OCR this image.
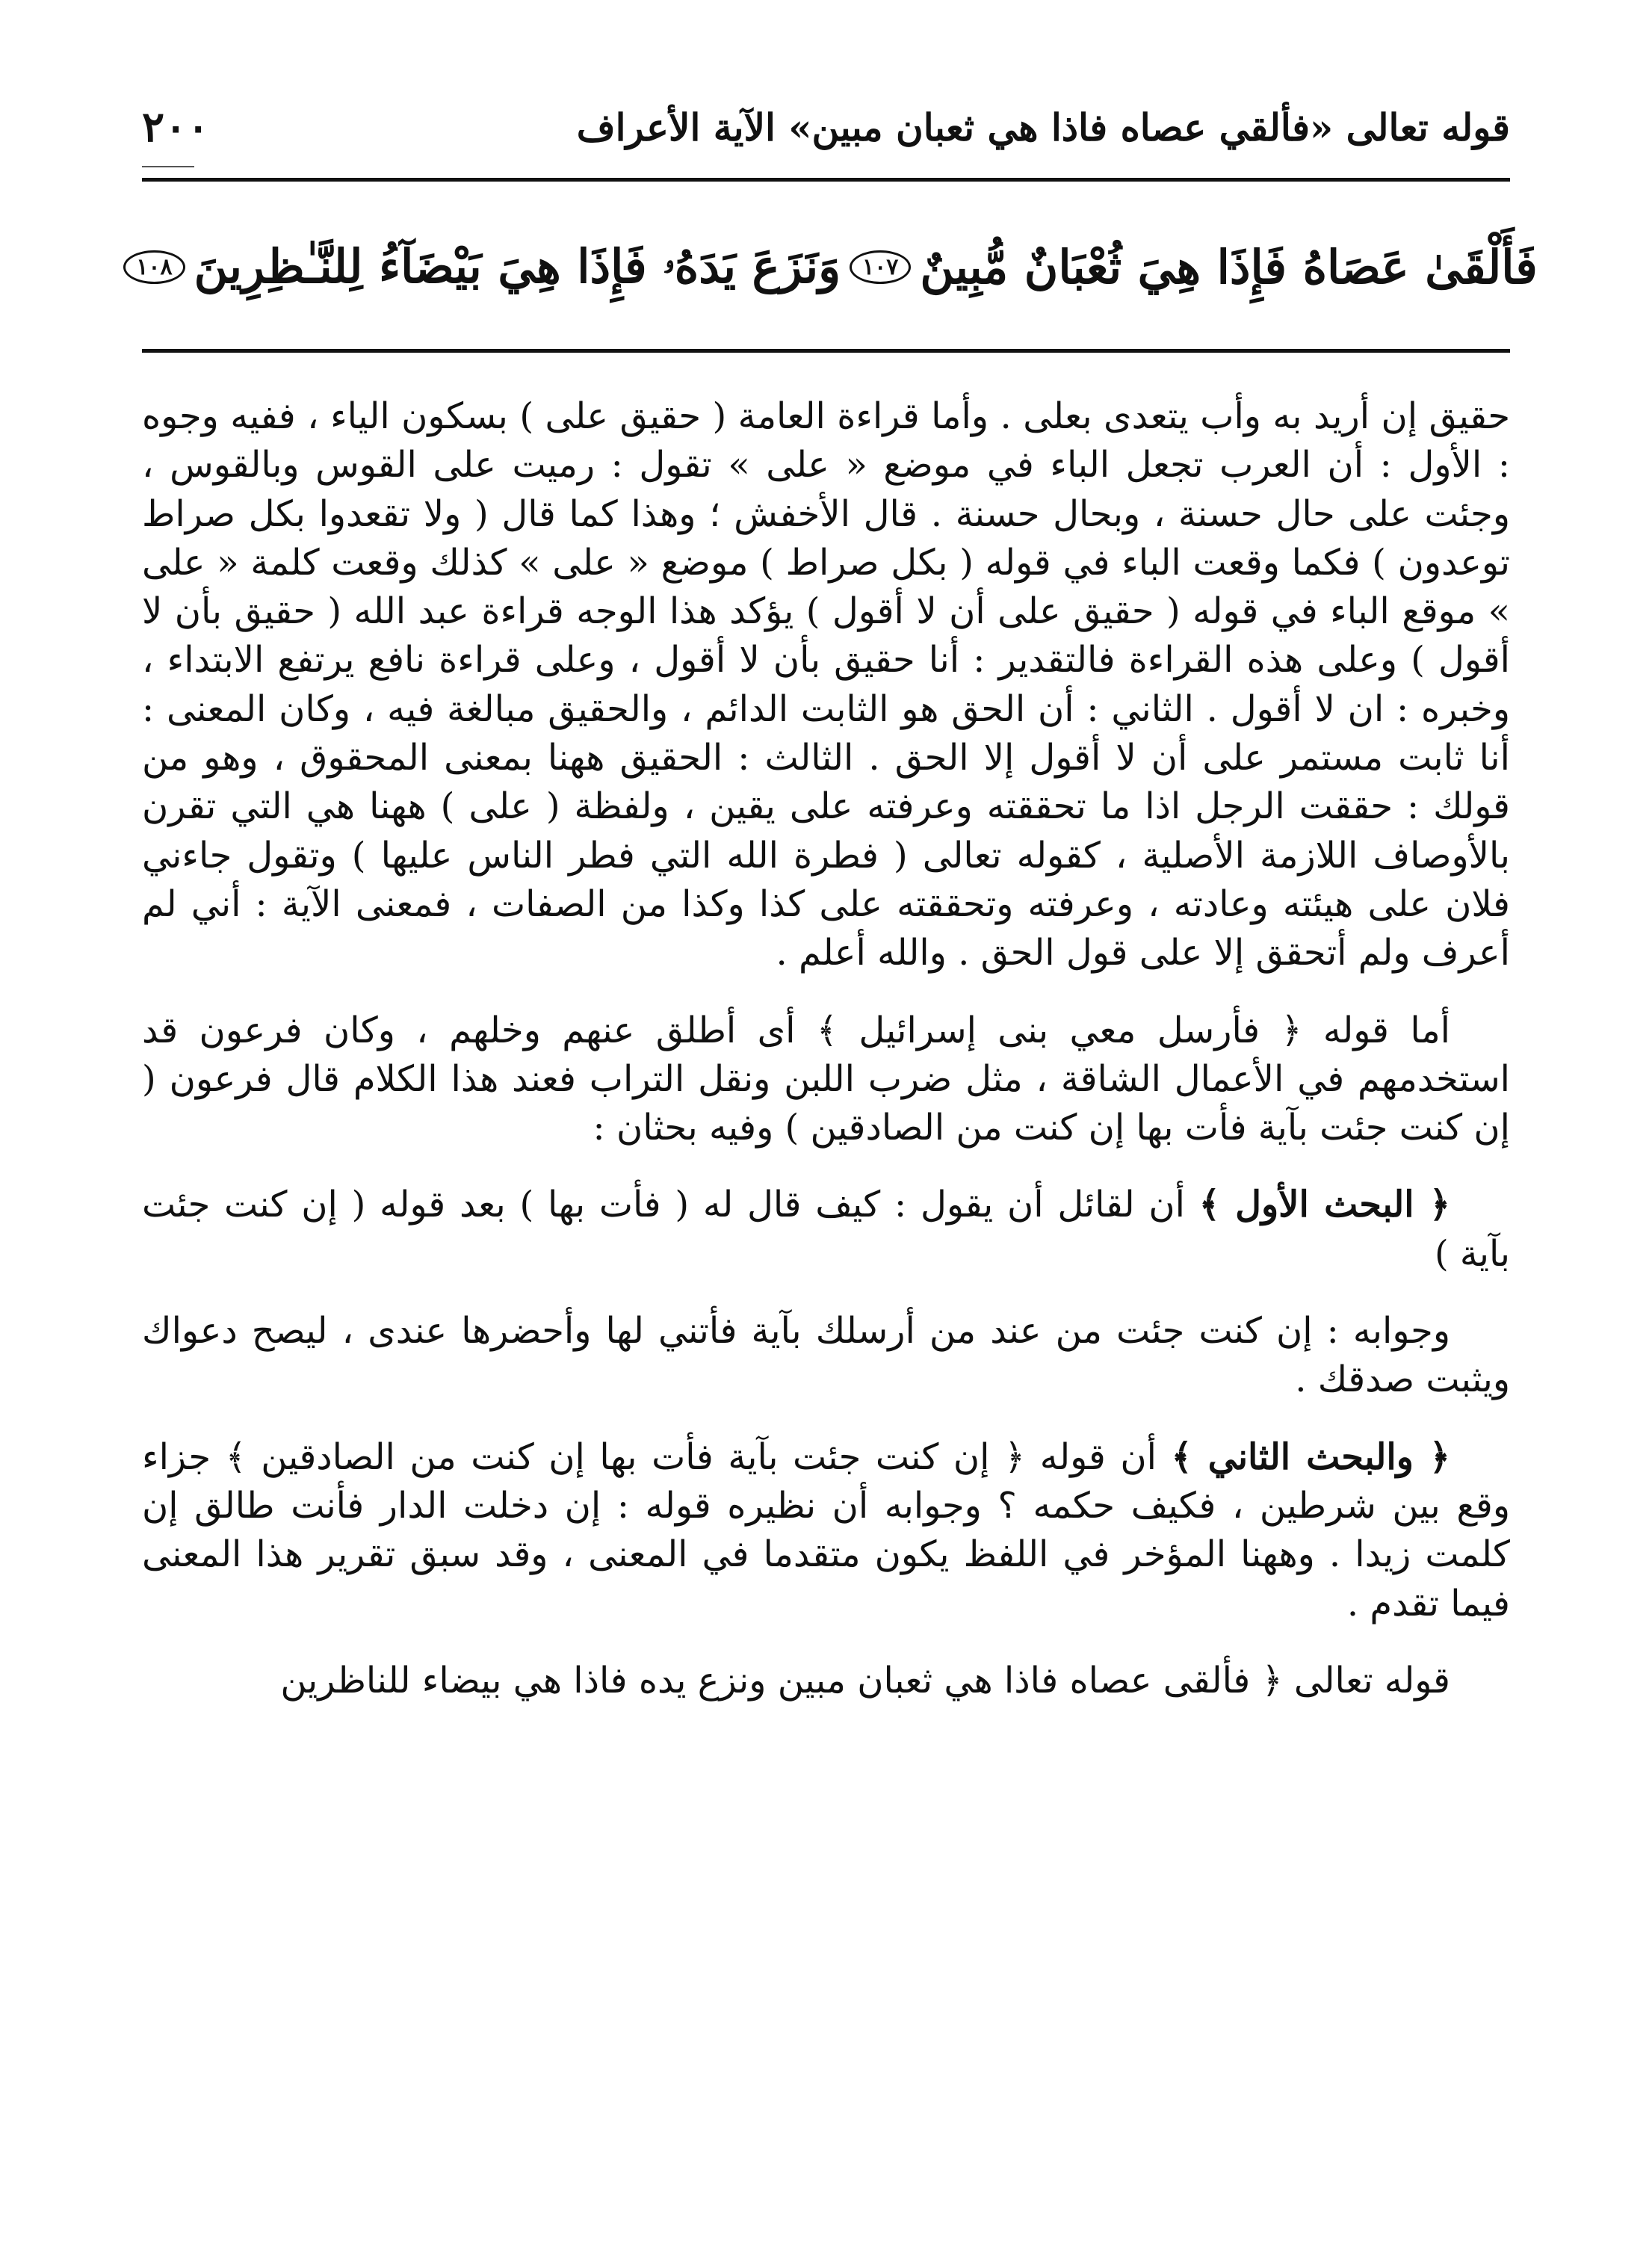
قوله تعالى «فألقي عصاه فاذا هي ثعبان مبين» الآية الأعراف
٢٠٠
فَأَلْقَىٰ عَصَاهُ فَإِذَا هِيَ ثُعْبَانٌ مُّبِينٌ
١٠٧
وَنَزَعَ يَدَهُۥ فَإِذَا هِيَ بَيْضَآءُ لِلنَّـٰظِرِينَ
١٠٨

حقيق إن أريد به وأب يتعدى بعلى . وأما قراءة العامة ( حقيق على ) بسكون الياء ، ففيه وجوه : الأول : أن العرب تجعل الباء في موضع « على » تقول : رميت على القوس وبالقوس ، وجئت على حال حسنة ، وبحال حسنة . قال الأخفش ؛ وهذا كما قال ( ولا تقعدوا بكل صراط توعدون ) فكما وقعت الباء في قوله ( بكل صراط ) موضع « على » كذلك وقعت كلمة « على » موقع الباء في قوله ( حقيق على أن لا أقول ) يؤكد هذا الوجه قراءة عبد الله ( حقيق بأن لا أقول ) وعلى هذه القراءة فالتقدير : أنا حقيق بأن لا أقول ، وعلى قراءة نافع يرتفع الابتداء ، وخبره : ان لا أقول . الثاني : أن الحق هو الثابت الدائم ، والحقيق مبالغة فيه ، وكان المعنى : أنا ثابت مستمر على أن لا أقول إلا الحق . الثالث : الحقيق ههنا بمعنى المحقوق ، وهو من قولك : حققت الرجل اذا ما تحققته وعرفته على يقين ، ولفظة ( على ) ههنا هي التي تقرن بالأوصاف اللازمة الأصلية ، كقوله تعالى ( فطرة الله التي فطر الناس عليها ) وتقول جاءني فلان على هيئته وعادته ، وعرفته وتحققته على كذا وكذا من الصفات ، فمعنى الآية : أني لم أعرف ولم أتحقق إلا على قول الحق . والله أعلم .

أما قوله ﴿ فأرسل معي بنى إسرائيل ﴾ أى أطلق عنهم وخلهم ، وكان فرعون قد استخدمهم في الأعمال الشاقة ، مثل ضرب اللبن ونقل التراب فعند هذا الكلام قال فرعون ( إن كنت جئت بآية فأت بها إن كنت من الصادقين ) وفيه بحثان :

﴿ البحث الأول ﴾ أن لقائل أن يقول : كيف قال له ( فأت بها ) بعد قوله ( إن كنت جئت بآية )

وجوابه : إن كنت جئت من عند من أرسلك بآية فأتني لها وأحضرها عندى ، ليصح دعواك ويثبت صدقك .

﴿ والبحث الثاني ﴾ أن قوله ﴿ إن كنت جئت بآية فأت بها إن كنت من الصادقين ﴾ جزاء وقع بين شرطين ، فكيف حكمه ؟ وجوابه أن نظيره قوله : إن دخلت الدار فأنت طالق إن كلمت زيدا . وههنا المؤخر في اللفظ يكون متقدما في المعنى ، وقد سبق تقرير هذا المعنى فيما تقدم .

قوله تعالى ﴿ فألقى عصاه فاذا هي ثعبان مبين ونزع يده فاذا هي بيضاء للناظرين
